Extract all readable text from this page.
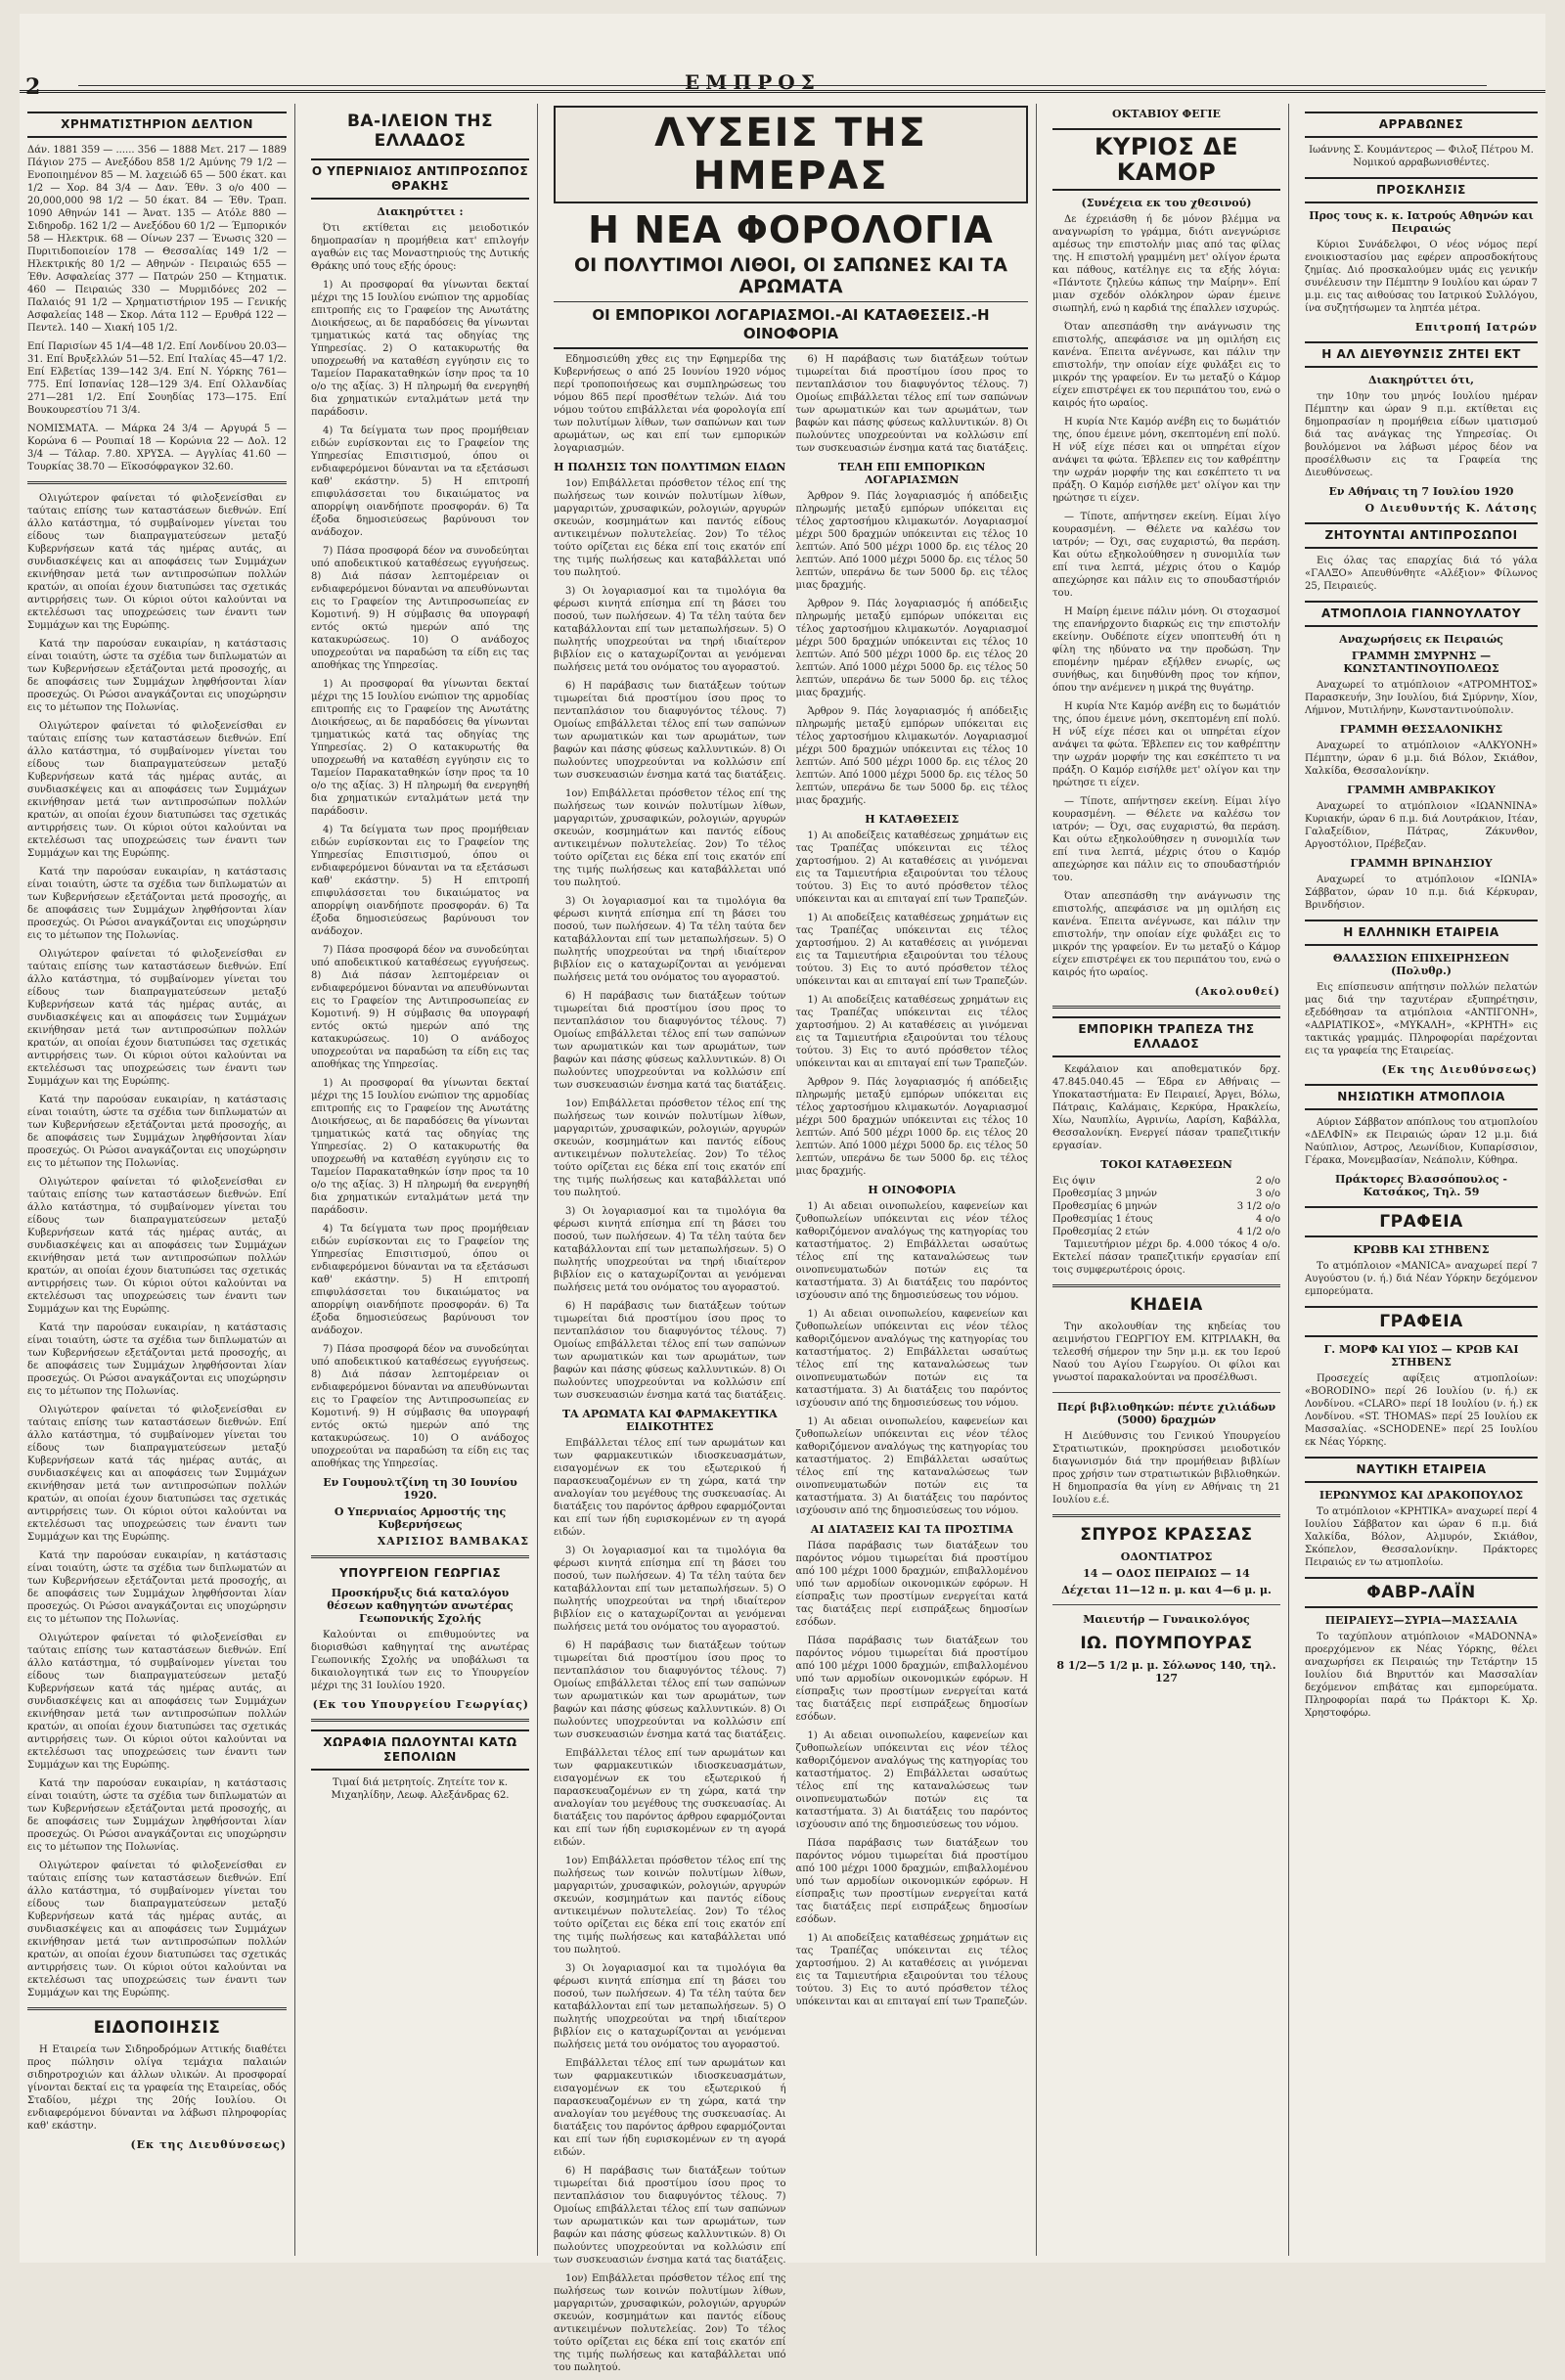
2	ΕΜΠΡΟΣ
ΧΡΗΜΑΤΙΣΤΗΡΙΟΝ ΔΕΛΤΙΟΝ

Δάν. 1881 359 — ...... 356 — 1888 Μετ. 217 — 1889 Πάγιον 275 — Ανεξόδου 858 1/2 Αμύνης 79 1/2 — Ενοποιημένον 85 — Μ. λαχειώδ 65 — 500 έκατ. και 1/2 — Χορ. 84 3/4 — Δαν. Έθν. 3 ο/ο 400 — 20,000,000 98 1/2 — 50 έκατ. 84 — Έθν. Τραπ. 1090 Αθηνών 141 — Άνατ. 135 — Ατόλε 880 — Σιδηροδρ. 162 1/2 — Ανεξόδου 60 1/2 — Έμπορικόν 58 — Ηλεκτρικ. 68 — Οίνων 237 — Ένωσις 320 — Πυριτιδοποιείον 178 — Θεσσαλίας 149 1/2 — Ηλεκτρικής 80 1/2 — Αθηνών - Πειραιώς 655 — Έθν. Ασφαλείας 377 — Πατρών 250 — Κτηματικ. 460 — Πειραιώς 330 — Μυρμιδόνες 202 — Παλαιός 91 1/2 — Χρηματιστήριον 195 — Γενικής Ασφαλείας 148 — Σκορ. Λάτα 112 — Ερυθρά 122 — Πεντελ. 140 — Χιακή 105 1/2.

Επί Παρισίων 45 1/4—48 1/2. Επί Λονδίνου 20.03—31. Επί Βρυξελλών 51—52. Επί Ιταλίας 45—47 1/2. Επί Ελβετίας 139—142 3/4. Επί Ν. Υόρκης 761—775. Επί Ισπανίας 128—129 3/4. Επί Ολλανδίας 271—281 1/2. Επί Σουηδίας 173—175. Επί Βουκουρεστίου 71 3/4.

ΝΟΜΙΣΜΑΤΑ. — Μάρκα 24 3/4 — Αργυρά 5 — Κορώνα 6 — Ρουπιαί 18 — Κορώνια 22 — Δολ. 12 3/4 — Τάλαρ. 7.80. ΧΡΥΣΑ. — Αγγλίας 41.60 — Τουρκίας 38.70 — Εϊκοσόφραγκον 32.60.

Ολιγώτερον φαίνεται τό φιλοξενείσθαι εν ταύταις επίσης των καταστάσεων διεθνών. Επί άλλο κατάστημα, τό συμβαίνομεν γίνεται του είδους των διαπραγματεύσεων μεταξύ Κυβερνήσεων κατά τάς ημέρας αυτάς, αι συνδιασκέψεις και αι αποφάσεις των Συμμάχων εκινήθησαν μετά των αντιπροσώπων πολλών κρατών, αι οποίαι έχουν διατυπώσει τας σχετικάς αντιρρήσεις των. Οι κύριοι ούτοι καλούνται να εκτελέσωσι τας υποχρεώσεις των έναντι των Συμμάχων και της Ευρώπης.

Κατά την παρούσαν ευκαιρίαν, η κατάστασις είναι τοιαύτη, ώστε τα σχέδια των διπλωματών αι των Κυβερνήσεων εξετάζονται μετά προσοχής, αι δε αποφάσεις των Συμμάχων ληφθήσονται λίαν προσεχώς. Οι Ρώσοι αναγκάζονται εις υποχώρησιν εις το μέτωπον της Πολωνίας.

Ολιγώτερον φαίνεται τό φιλοξενείσθαι εν ταύταις επίσης των καταστάσεων διεθνών. Επί άλλο κατάστημα, τό συμβαίνομεν γίνεται του είδους των διαπραγματεύσεων μεταξύ Κυβερνήσεων κατά τάς ημέρας αυτάς, αι συνδιασκέψεις και αι αποφάσεις των Συμμάχων εκινήθησαν μετά των αντιπροσώπων πολλών κρατών, αι οποίαι έχουν διατυπώσει τας σχετικάς αντιρρήσεις των. Οι κύριοι ούτοι καλούνται να εκτελέσωσι τας υποχρεώσεις των έναντι των Συμμάχων και της Ευρώπης.

Κατά την παρούσαν ευκαιρίαν, η κατάστασις είναι τοιαύτη, ώστε τα σχέδια των διπλωματών αι των Κυβερνήσεων εξετάζονται μετά προσοχής, αι δε αποφάσεις των Συμμάχων ληφθήσονται λίαν προσεχώς. Οι Ρώσοι αναγκάζονται εις υποχώρησιν εις το μέτωπον της Πολωνίας.

Ολιγώτερον φαίνεται τό φιλοξενείσθαι εν ταύταις επίσης των καταστάσεων διεθνών. Επί άλλο κατάστημα, τό συμβαίνομεν γίνεται του είδους των διαπραγματεύσεων μεταξύ Κυβερνήσεων κατά τάς ημέρας αυτάς, αι συνδιασκέψεις και αι αποφάσεις των Συμμάχων εκινήθησαν μετά των αντιπροσώπων πολλών κρατών, αι οποίαι έχουν διατυπώσει τας σχετικάς αντιρρήσεις των. Οι κύριοι ούτοι καλούνται να εκτελέσωσι τας υποχρεώσεις των έναντι των Συμμάχων και της Ευρώπης.

Κατά την παρούσαν ευκαιρίαν, η κατάστασις είναι τοιαύτη, ώστε τα σχέδια των διπλωματών αι των Κυβερνήσεων εξετάζονται μετά προσοχής, αι δε αποφάσεις των Συμμάχων ληφθήσονται λίαν προσεχώς. Οι Ρώσοι αναγκάζονται εις υποχώρησιν εις το μέτωπον της Πολωνίας.

Ολιγώτερον φαίνεται τό φιλοξενείσθαι εν ταύταις επίσης των καταστάσεων διεθνών. Επί άλλο κατάστημα, τό συμβαίνομεν γίνεται του είδους των διαπραγματεύσεων μεταξύ Κυβερνήσεων κατά τάς ημέρας αυτάς, αι συνδιασκέψεις και αι αποφάσεις των Συμμάχων εκινήθησαν μετά των αντιπροσώπων πολλών κρατών, αι οποίαι έχουν διατυπώσει τας σχετικάς αντιρρήσεις των. Οι κύριοι ούτοι καλούνται να εκτελέσωσι τας υποχρεώσεις των έναντι των Συμμάχων και της Ευρώπης.

Κατά την παρούσαν ευκαιρίαν, η κατάστασις είναι τοιαύτη, ώστε τα σχέδια των διπλωματών αι των Κυβερνήσεων εξετάζονται μετά προσοχής, αι δε αποφάσεις των Συμμάχων ληφθήσονται λίαν προσεχώς. Οι Ρώσοι αναγκάζονται εις υποχώρησιν εις το μέτωπον της Πολωνίας.

Ολιγώτερον φαίνεται τό φιλοξενείσθαι εν ταύταις επίσης των καταστάσεων διεθνών. Επί άλλο κατάστημα, τό συμβαίνομεν γίνεται του είδους των διαπραγματεύσεων μεταξύ Κυβερνήσεων κατά τάς ημέρας αυτάς, αι συνδιασκέψεις και αι αποφάσεις των Συμμάχων εκινήθησαν μετά των αντιπροσώπων πολλών κρατών, αι οποίαι έχουν διατυπώσει τας σχετικάς αντιρρήσεις των. Οι κύριοι ούτοι καλούνται να εκτελέσωσι τας υποχρεώσεις των έναντι των Συμμάχων και της Ευρώπης.

Κατά την παρούσαν ευκαιρίαν, η κατάστασις είναι τοιαύτη, ώστε τα σχέδια των διπλωματών αι των Κυβερνήσεων εξετάζονται μετά προσοχής, αι δε αποφάσεις των Συμμάχων ληφθήσονται λίαν προσεχώς. Οι Ρώσοι αναγκάζονται εις υποχώρησιν εις το μέτωπον της Πολωνίας.

Ολιγώτερον φαίνεται τό φιλοξενείσθαι εν ταύταις επίσης των καταστάσεων διεθνών. Επί άλλο κατάστημα, τό συμβαίνομεν γίνεται του είδους των διαπραγματεύσεων μεταξύ Κυβερνήσεων κατά τάς ημέρας αυτάς, αι συνδιασκέψεις και αι αποφάσεις των Συμμάχων εκινήθησαν μετά των αντιπροσώπων πολλών κρατών, αι οποίαι έχουν διατυπώσει τας σχετικάς αντιρρήσεις των. Οι κύριοι ούτοι καλούνται να εκτελέσωσι τας υποχρεώσεις των έναντι των Συμμάχων και της Ευρώπης.

Κατά την παρούσαν ευκαιρίαν, η κατάστασις είναι τοιαύτη, ώστε τα σχέδια των διπλωματών αι των Κυβερνήσεων εξετάζονται μετά προσοχής, αι δε αποφάσεις των Συμμάχων ληφθήσονται λίαν προσεχώς. Οι Ρώσοι αναγκάζονται εις υποχώρησιν εις το μέτωπον της Πολωνίας.

Ολιγώτερον φαίνεται τό φιλοξενείσθαι εν ταύταις επίσης των καταστάσεων διεθνών. Επί άλλο κατάστημα, τό συμβαίνομεν γίνεται του είδους των διαπραγματεύσεων μεταξύ Κυβερνήσεων κατά τάς ημέρας αυτάς, αι συνδιασκέψεις και αι αποφάσεις των Συμμάχων εκινήθησαν μετά των αντιπροσώπων πολλών κρατών, αι οποίαι έχουν διατυπώσει τας σχετικάς αντιρρήσεις των. Οι κύριοι ούτοι καλούνται να εκτελέσωσι τας υποχρεώσεις των έναντι των Συμμάχων και της Ευρώπης.

ΕΙΔΟΠΟΙΗΣΙΣ

Η Εταιρεία των Σιδηροδρόμων Αττικής διαθέτει προς πώλησιν ολίγα τεμάχια παλαιών σιδηροτροχιών και άλλων υλικών. Αι προσφοραί γίνονται δεκταί εις τα γραφεία της Εταιρείας, οδός Σταδίου, μέχρι της 20ής Ιουλίου. Οι ενδιαφερόμενοι δύνανται να λάβωσι πληροφορίας καθ' εκάστην.

(Εκ της Διευθύνσεως)
ΒΑ-ΙΛΕΙΟΝ ΤΗΣ ΕΛΛΑΔΟΣ
Ο ΥΠΕΡΝΙΑΙΟΣ ΑΝΤΙΠΡΟΣΩΠΟΣ ΘΡΑΚΗΣ
Διακηρύττει :

Ότι εκτίθεται εις μειοδοτικόν δημοπρασίαν η προμήθεια κατ' επιλογήν αγαθών εις τας Μοναστηριούς της Δυτικής Θράκης υπό τους εξής όρους:

1) Αι προσφοραί θα γίνωνται δεκταί μέχρι της 15 Ιουλίου ενώπιον της αρμοδίας επιτροπής εις το Γραφείον της Ανωτάτης Διοικήσεως, αι δε παραδόσεις θα γίνωνται τμηματικώς κατά τας οδηγίας της Υπηρεσίας. 2) Ο κατακυρωτής θα υποχρεωθή να καταθέση εγγύησιν εις το Ταμείον Παρακαταθηκών ίσην προς τα 10 ο/ο της αξίας. 3) Η πληρωμή θα ενεργηθή δια χρηματικών ενταλμάτων μετά την παράδοσιν.

4) Τα δείγματα των προς προμήθειαν ειδών ευρίσκονται εις το Γραφείον της Υπηρεσίας Επισιτισμού, όπου οι ενδιαφερόμενοι δύνανται να τα εξετάσωσι καθ' εκάστην. 5) Η επιτροπή επιφυλάσσεται του δικαιώματος να απορρίψη οιανδήποτε προσφοράν. 6) Τα έξοδα δημοσιεύσεως βαρύνουσι τον ανάδοχον.

7) Πάσα προσφορά δέον να συνοδεύηται υπό αποδεικτικού καταθέσεως εγγυήσεως. 8) Διά πάσαν λεπτομέρειαν οι ενδιαφερόμενοι δύνανται να απευθύνωνται εις το Γραφείον της Αντιπροσωπείας εν Κομοτινή. 9) Η σύμβασις θα υπογραφή εντός οκτώ ημερών από της κατακυρώσεως. 10) Ο ανάδοχος υποχρεούται να παραδώση τα είδη εις τας αποθήκας της Υπηρεσίας.

1) Αι προσφοραί θα γίνωνται δεκταί μέχρι της 15 Ιουλίου ενώπιον της αρμοδίας επιτροπής εις το Γραφείον της Ανωτάτης Διοικήσεως, αι δε παραδόσεις θα γίνωνται τμηματικώς κατά τας οδηγίας της Υπηρεσίας. 2) Ο κατακυρωτής θα υποχρεωθή να καταθέση εγγύησιν εις το Ταμείον Παρακαταθηκών ίσην προς τα 10 ο/ο της αξίας. 3) Η πληρωμή θα ενεργηθή δια χρηματικών ενταλμάτων μετά την παράδοσιν.

4) Τα δείγματα των προς προμήθειαν ειδών ευρίσκονται εις το Γραφείον της Υπηρεσίας Επισιτισμού, όπου οι ενδιαφερόμενοι δύνανται να τα εξετάσωσι καθ' εκάστην. 5) Η επιτροπή επιφυλάσσεται του δικαιώματος να απορρίψη οιανδήποτε προσφοράν. 6) Τα έξοδα δημοσιεύσεως βαρύνουσι τον ανάδοχον.

7) Πάσα προσφορά δέον να συνοδεύηται υπό αποδεικτικού καταθέσεως εγγυήσεως. 8) Διά πάσαν λεπτομέρειαν οι ενδιαφερόμενοι δύνανται να απευθύνωνται εις το Γραφείον της Αντιπροσωπείας εν Κομοτινή. 9) Η σύμβασις θα υπογραφή εντός οκτώ ημερών από της κατακυρώσεως. 10) Ο ανάδοχος υποχρεούται να παραδώση τα είδη εις τας αποθήκας της Υπηρεσίας.

1) Αι προσφοραί θα γίνωνται δεκταί μέχρι της 15 Ιουλίου ενώπιον της αρμοδίας επιτροπής εις το Γραφείον της Ανωτάτης Διοικήσεως, αι δε παραδόσεις θα γίνωνται τμηματικώς κατά τας οδηγίας της Υπηρεσίας. 2) Ο κατακυρωτής θα υποχρεωθή να καταθέση εγγύησιν εις το Ταμείον Παρακαταθηκών ίσην προς τα 10 ο/ο της αξίας. 3) Η πληρωμή θα ενεργηθή δια χρηματικών ενταλμάτων μετά την παράδοσιν.

4) Τα δείγματα των προς προμήθειαν ειδών ευρίσκονται εις το Γραφείον της Υπηρεσίας Επισιτισμού, όπου οι ενδιαφερόμενοι δύνανται να τα εξετάσωσι καθ' εκάστην. 5) Η επιτροπή επιφυλάσσεται του δικαιώματος να απορρίψη οιανδήποτε προσφοράν. 6) Τα έξοδα δημοσιεύσεως βαρύνουσι τον ανάδοχον.

7) Πάσα προσφορά δέον να συνοδεύηται υπό αποδεικτικού καταθέσεως εγγυήσεως. 8) Διά πάσαν λεπτομέρειαν οι ενδιαφερόμενοι δύνανται να απευθύνωνται εις το Γραφείον της Αντιπροσωπείας εν Κομοτινή. 9) Η σύμβασις θα υπογραφή εντός οκτώ ημερών από της κατακυρώσεως. 10) Ο ανάδοχος υποχρεούται να παραδώση τα είδη εις τας αποθήκας της Υπηρεσίας.

Εν Γουμουλτζίνη τη 30 Ιουνίου 1920.
Ο Υπερνιαίος Αρμοστής της Κυβερνήσεως
ΧΑΡΙΣΙΟΣ ΒΑΜΒΑΚΑΣ
ΥΠΟΥΡΓΕΙΟΝ ΓΕΩΡΓΙΑΣ
Προσκήρυξις διά καταλόγου θέσεων καθηγητών ανωτέρας Γεωπονικής Σχολής

Καλούνται οι επιθυμούντες να διορισθώσι καθηγηταί της ανωτέρας Γεωπονικής Σχολής να υποβάλωσι τα δικαιολογητικά των εις το Υπουργείον μέχρι της 31 Ιουλίου 1920.

(Εκ του Υπουργείου Γεωργίας)
ΧΩΡΑΦΙΑ ΠΩΛΟΥΝΤΑΙ ΚΑΤΩ ΣΕΠΟΛΙΩΝ

Τιμαί διά μετρητοίς. Ζητείτε τον κ. Μιχαηλίδην, Λεωφ. Αλεξάνδρας 62.

ΛΥΣΕΙΣ ΤΗΣ ΗΜΕΡΑΣ
Η ΝΕΑ ΦΟΡΟΛΟΓΙΑ
ΟΙ ΠΟΛΥΤΙΜΟΙ ΛΙΘΟΙ, ΟΙ ΣΑΠΩΝΕΣ ΚΑΙ ΤΑ ΑΡΩΜΑΤΑ
ΟΙ ΕΜΠΟΡΙΚΟΙ ΛΟΓΑΡΙΑΣΜΟΙ.-ΑΙ ΚΑΤΑΘΕΣΕΙΣ.-Η ΟΙΝΟΦΟΡΙΑ

Εδημοσιεύθη χθες εις την Εφημερίδα της Κυβερνήσεως ο από 25 Ιουνίου 1920 νόμος περί τροποποιήσεως και συμπληρώσεως του νόμου 865 περί προσθέτων τελών. Διά του νόμου τούτου επιβάλλεται νέα φορολογία επί των πολυτίμων λίθων, των σαπώνων και των αρωμάτων, ως και επί των εμπορικών λογαριασμών.

Η ΠΩΛΗΣΙΣ ΤΩΝ ΠΟΛΥΤΙΜΩΝ ΕΙΔΩΝ

1ον) Επιβάλλεται πρόσθετον τέλος επί της πωλήσεως των κοινών πολυτίμων λίθων, μαργαριτών, χρυσαφικών, ρολογιών, αργυρών σκευών, κοσμημάτων και παντός είδους αντικειμένων πολυτελείας. 2ον) Το τέλος τούτο ορίζεται εις δέκα επί τοις εκατόν επί της τιμής πωλήσεως και καταβάλλεται υπό του πωλητού.

3) Οι λογαριασμοί και τα τιμολόγια θα φέρωσι κινητά επίσημα επί τη βάσει του ποσού, των πωλήσεων. 4) Τα τέλη ταύτα δεν καταβάλλονται επί των μεταπωλήσεων. 5) Ο πωλητής υποχρεούται να τηρή ιδιαίτερον βιβλίον εις ο καταχωρίζονται αι γενόμεναι πωλήσεις μετά του ονόματος του αγοραστού.

6) Η παράβασις των διατάξεων τούτων τιμωρείται διά προστίμου ίσου προς το πενταπλάσιον του διαφυγόντος τέλους. 7) Ομοίως επιβάλλεται τέλος επί των σαπώνων των αρωματικών και των αρωμάτων, των βαφών και πάσης φύσεως καλλυντικών. 8) Οι πωλούντες υποχρεούνται να κολλώσιν επί των συσκευασιών ένσημα κατά τας διατάξεις.

1ον) Επιβάλλεται πρόσθετον τέλος επί της πωλήσεως των κοινών πολυτίμων λίθων, μαργαριτών, χρυσαφικών, ρολογιών, αργυρών σκευών, κοσμημάτων και παντός είδους αντικειμένων πολυτελείας. 2ον) Το τέλος τούτο ορίζεται εις δέκα επί τοις εκατόν επί της τιμής πωλήσεως και καταβάλλεται υπό του πωλητού.

3) Οι λογαριασμοί και τα τιμολόγια θα φέρωσι κινητά επίσημα επί τη βάσει του ποσού, των πωλήσεων. 4) Τα τέλη ταύτα δεν καταβάλλονται επί των μεταπωλήσεων. 5) Ο πωλητής υποχρεούται να τηρή ιδιαίτερον βιβλίον εις ο καταχωρίζονται αι γενόμεναι πωλήσεις μετά του ονόματος του αγοραστού.

6) Η παράβασις των διατάξεων τούτων τιμωρείται διά προστίμου ίσου προς το πενταπλάσιον του διαφυγόντος τέλους. 7) Ομοίως επιβάλλεται τέλος επί των σαπώνων των αρωματικών και των αρωμάτων, των βαφών και πάσης φύσεως καλλυντικών. 8) Οι πωλούντες υποχρεούνται να κολλώσιν επί των συσκευασιών ένσημα κατά τας διατάξεις.

1ον) Επιβάλλεται πρόσθετον τέλος επί της πωλήσεως των κοινών πολυτίμων λίθων, μαργαριτών, χρυσαφικών, ρολογιών, αργυρών σκευών, κοσμημάτων και παντός είδους αντικειμένων πολυτελείας. 2ον) Το τέλος τούτο ορίζεται εις δέκα επί τοις εκατόν επί της τιμής πωλήσεως και καταβάλλεται υπό του πωλητού.

3) Οι λογαριασμοί και τα τιμολόγια θα φέρωσι κινητά επίσημα επί τη βάσει του ποσού, των πωλήσεων. 4) Τα τέλη ταύτα δεν καταβάλλονται επί των μεταπωλήσεων. 5) Ο πωλητής υποχρεούται να τηρή ιδιαίτερον βιβλίον εις ο καταχωρίζονται αι γενόμεναι πωλήσεις μετά του ονόματος του αγοραστού.

6) Η παράβασις των διατάξεων τούτων τιμωρείται διά προστίμου ίσου προς το πενταπλάσιον του διαφυγόντος τέλους. 7) Ομοίως επιβάλλεται τέλος επί των σαπώνων των αρωματικών και των αρωμάτων, των βαφών και πάσης φύσεως καλλυντικών. 8) Οι πωλούντες υποχρεούνται να κολλώσιν επί των συσκευασιών ένσημα κατά τας διατάξεις.

ΤΑ ΑΡΩΜΑΤΑ ΚΑΙ ΦΑΡΜΑΚΕΥΤΙΚΑ ΕΙΔΙΚΟΤΗΤΕΣ

Επιβάλλεται τέλος επί των αρωμάτων και των φαρμακευτικών ιδιοσκευασμάτων, εισαγομένων εκ του εξωτερικού ή παρασκευαζομένων εν τη χώρα, κατά την αναλογίαν του μεγέθους της συσκευασίας. Αι διατάξεις του παρόντος άρθρου εφαρμόζονται και επί των ήδη ευρισκομένων εν τη αγορά ειδών.

3) Οι λογαριασμοί και τα τιμολόγια θα φέρωσι κινητά επίσημα επί τη βάσει του ποσού, των πωλήσεων. 4) Τα τέλη ταύτα δεν καταβάλλονται επί των μεταπωλήσεων. 5) Ο πωλητής υποχρεούται να τηρή ιδιαίτερον βιβλίον εις ο καταχωρίζονται αι γενόμεναι πωλήσεις μετά του ονόματος του αγοραστού.

6) Η παράβασις των διατάξεων τούτων τιμωρείται διά προστίμου ίσου προς το πενταπλάσιον του διαφυγόντος τέλους. 7) Ομοίως επιβάλλεται τέλος επί των σαπώνων των αρωματικών και των αρωμάτων, των βαφών και πάσης φύσεως καλλυντικών. 8) Οι πωλούντες υποχρεούνται να κολλώσιν επί των συσκευασιών ένσημα κατά τας διατάξεις.

Επιβάλλεται τέλος επί των αρωμάτων και των φαρμακευτικών ιδιοσκευασμάτων, εισαγομένων εκ του εξωτερικού ή παρασκευαζομένων εν τη χώρα, κατά την αναλογίαν του μεγέθους της συσκευασίας. Αι διατάξεις του παρόντος άρθρου εφαρμόζονται και επί των ήδη ευρισκομένων εν τη αγορά ειδών.

1ον) Επιβάλλεται πρόσθετον τέλος επί της πωλήσεως των κοινών πολυτίμων λίθων, μαργαριτών, χρυσαφικών, ρολογιών, αργυρών σκευών, κοσμημάτων και παντός είδους αντικειμένων πολυτελείας. 2ον) Το τέλος τούτο ορίζεται εις δέκα επί τοις εκατόν επί της τιμής πωλήσεως και καταβάλλεται υπό του πωλητού.

3) Οι λογαριασμοί και τα τιμολόγια θα φέρωσι κινητά επίσημα επί τη βάσει του ποσού, των πωλήσεων. 4) Τα τέλη ταύτα δεν καταβάλλονται επί των μεταπωλήσεων. 5) Ο πωλητής υποχρεούται να τηρή ιδιαίτερον βιβλίον εις ο καταχωρίζονται αι γενόμεναι πωλήσεις μετά του ονόματος του αγοραστού.

Επιβάλλεται τέλος επί των αρωμάτων και των φαρμακευτικών ιδιοσκευασμάτων, εισαγομένων εκ του εξωτερικού ή παρασκευαζομένων εν τη χώρα, κατά την αναλογίαν του μεγέθους της συσκευασίας. Αι διατάξεις του παρόντος άρθρου εφαρμόζονται και επί των ήδη ευρισκομένων εν τη αγορά ειδών.

6) Η παράβασις των διατάξεων τούτων τιμωρείται διά προστίμου ίσου προς το πενταπλάσιον του διαφυγόντος τέλους. 7) Ομοίως επιβάλλεται τέλος επί των σαπώνων των αρωματικών και των αρωμάτων, των βαφών και πάσης φύσεως καλλυντικών. 8) Οι πωλούντες υποχρεούνται να κολλώσιν επί των συσκευασιών ένσημα κατά τας διατάξεις.

1ον) Επιβάλλεται πρόσθετον τέλος επί της πωλήσεως των κοινών πολυτίμων λίθων, μαργαριτών, χρυσαφικών, ρολογιών, αργυρών σκευών, κοσμημάτων και παντός είδους αντικειμένων πολυτελείας. 2ον) Το τέλος τούτο ορίζεται εις δέκα επί τοις εκατόν επί της τιμής πωλήσεως και καταβάλλεται υπό του πωλητού.

6) Η παράβασις των διατάξεων τούτων τιμωρείται διά προστίμου ίσου προς το πενταπλάσιον του διαφυγόντος τέλους. 7) Ομοίως επιβάλλεται τέλος επί των σαπώνων των αρωματικών και των αρωμάτων, των βαφών και πάσης φύσεως καλλυντικών. 8) Οι πωλούντες υποχρεούνται να κολλώσιν επί των συσκευασιών ένσημα κατά τας διατάξεις.

ΤΕΛΗ ΕΠΙ ΕΜΠΟΡΙΚΩΝ ΛΟΓΑΡΙΑΣΜΩΝ

Άρθρον 9. Πάς λογαριασμός ή απόδειξις πληρωμής μεταξύ εμπόρων υπόκειται εις τέλος χαρτοσήμου κλιμακωτόν. Λογαριασμοί μέχρι 500 δραχμών υπόκεινται εις τέλος 10 λεπτών. Από 500 μέχρι 1000 δρ. εις τέλος 20 λεπτών. Από 1000 μέχρι 5000 δρ. εις τέλος 50 λεπτών, υπεράνω δε των 5000 δρ. εις τέλος μιας δραχμής.

Άρθρον 9. Πάς λογαριασμός ή απόδειξις πληρωμής μεταξύ εμπόρων υπόκειται εις τέλος χαρτοσήμου κλιμακωτόν. Λογαριασμοί μέχρι 500 δραχμών υπόκεινται εις τέλος 10 λεπτών. Από 500 μέχρι 1000 δρ. εις τέλος 20 λεπτών. Από 1000 μέχρι 5000 δρ. εις τέλος 50 λεπτών, υπεράνω δε των 5000 δρ. εις τέλος μιας δραχμής.

Άρθρον 9. Πάς λογαριασμός ή απόδειξις πληρωμής μεταξύ εμπόρων υπόκειται εις τέλος χαρτοσήμου κλιμακωτόν. Λογαριασμοί μέχρι 500 δραχμών υπόκεινται εις τέλος 10 λεπτών. Από 500 μέχρι 1000 δρ. εις τέλος 20 λεπτών. Από 1000 μέχρι 5000 δρ. εις τέλος 50 λεπτών, υπεράνω δε των 5000 δρ. εις τέλος μιας δραχμής.

Η ΚΑΤΑΘΕΣΕΙΣ

1) Αι αποδείξεις καταθέσεως χρημάτων εις τας Τραπέζας υπόκεινται εις τέλος χαρτοσήμου. 2) Αι καταθέσεις αι γινόμεναι εις τα Ταμιευτήρια εξαιρούνται του τέλους τούτου. 3) Εις το αυτό πρόσθετον τέλος υπόκεινται και αι επιταγαί επί των Τραπεζών.

1) Αι αποδείξεις καταθέσεως χρημάτων εις τας Τραπέζας υπόκεινται εις τέλος χαρτοσήμου. 2) Αι καταθέσεις αι γινόμεναι εις τα Ταμιευτήρια εξαιρούνται του τέλους τούτου. 3) Εις το αυτό πρόσθετον τέλος υπόκεινται και αι επιταγαί επί των Τραπεζών.

1) Αι αποδείξεις καταθέσεως χρημάτων εις τας Τραπέζας υπόκεινται εις τέλος χαρτοσήμου. 2) Αι καταθέσεις αι γινόμεναι εις τα Ταμιευτήρια εξαιρούνται του τέλους τούτου. 3) Εις το αυτό πρόσθετον τέλος υπόκεινται και αι επιταγαί επί των Τραπεζών.

Άρθρον 9. Πάς λογαριασμός ή απόδειξις πληρωμής μεταξύ εμπόρων υπόκειται εις τέλος χαρτοσήμου κλιμακωτόν. Λογαριασμοί μέχρι 500 δραχμών υπόκεινται εις τέλος 10 λεπτών. Από 500 μέχρι 1000 δρ. εις τέλος 20 λεπτών. Από 1000 μέχρι 5000 δρ. εις τέλος 50 λεπτών, υπεράνω δε των 5000 δρ. εις τέλος μιας δραχμής.

Η ΟΙΝΟΦΟΡΙΑ

1) Αι αδειαι οινοπωλείου, καφενείων και ζυθοπωλείων υπόκεινται εις νέον τέλος καθοριζόμενον αναλόγως της κατηγορίας του καταστήματος. 2) Επιβάλλεται ωσαύτως τέλος επί της καταναλώσεως των οινοπνευματωδών ποτών εις τα καταστήματα. 3) Αι διατάξεις του παρόντος ισχύουσιν από της δημοσιεύσεως του νόμου.

1) Αι αδειαι οινοπωλείου, καφενείων και ζυθοπωλείων υπόκεινται εις νέον τέλος καθοριζόμενον αναλόγως της κατηγορίας του καταστήματος. 2) Επιβάλλεται ωσαύτως τέλος επί της καταναλώσεως των οινοπνευματωδών ποτών εις τα καταστήματα. 3) Αι διατάξεις του παρόντος ισχύουσιν από της δημοσιεύσεως του νόμου.

1) Αι αδειαι οινοπωλείου, καφενείων και ζυθοπωλείων υπόκεινται εις νέον τέλος καθοριζόμενον αναλόγως της κατηγορίας του καταστήματος. 2) Επιβάλλεται ωσαύτως τέλος επί της καταναλώσεως των οινοπνευματωδών ποτών εις τα καταστήματα. 3) Αι διατάξεις του παρόντος ισχύουσιν από της δημοσιεύσεως του νόμου.

ΑΙ ΔΙΑΤΑΞΕΙΣ ΚΑΙ ΤΑ ΠΡΟΣΤΙΜΑ

Πάσα παράβασις των διατάξεων του παρόντος νόμου τιμωρείται διά προστίμου από 100 μέχρι 1000 δραχμών, επιβαλλομένου υπό των αρμοδίων οικονομικών εφόρων. Η είσπραξις των προστίμων ενεργείται κατά τας διατάξεις περί εισπράξεως δημοσίων εσόδων.

Πάσα παράβασις των διατάξεων του παρόντος νόμου τιμωρείται διά προστίμου από 100 μέχρι 1000 δραχμών, επιβαλλομένου υπό των αρμοδίων οικονομικών εφόρων. Η είσπραξις των προστίμων ενεργείται κατά τας διατάξεις περί εισπράξεως δημοσίων εσόδων.

1) Αι αδειαι οινοπωλείου, καφενείων και ζυθοπωλείων υπόκεινται εις νέον τέλος καθοριζόμενον αναλόγως της κατηγορίας του καταστήματος. 2) Επιβάλλεται ωσαύτως τέλος επί της καταναλώσεως των οινοπνευματωδών ποτών εις τα καταστήματα. 3) Αι διατάξεις του παρόντος ισχύουσιν από της δημοσιεύσεως του νόμου.

Πάσα παράβασις των διατάξεων του παρόντος νόμου τιμωρείται διά προστίμου από 100 μέχρι 1000 δραχμών, επιβαλλομένου υπό των αρμοδίων οικονομικών εφόρων. Η είσπραξις των προστίμων ενεργείται κατά τας διατάξεις περί εισπράξεως δημοσίων εσόδων.

1) Αι αποδείξεις καταθέσεως χρημάτων εις τας Τραπέζας υπόκεινται εις τέλος χαρτοσήμου. 2) Αι καταθέσεις αι γινόμεναι εις τα Ταμιευτήρια εξαιρούνται του τέλους τούτου. 3) Εις το αυτό πρόσθετον τέλος υπόκεινται και αι επιταγαί επί των Τραπεζών.

ΟΚΤΑΒΙΟΥ ΦΕΓΙΕ
ΚΥΡΙΟΣ ΔΕ ΚΑΜΟΡ
(Συνέχεια εκ του χθεσινού)

Δε έχρειάσθη ή δε μόνον βλέμμα να αναγνωρίση το γράμμα, διότι ανεγνώρισε αμέσως την επιστολήν μιας από τας φίλας της. Η επιστολή γραμμένη μετ' ολίγον έρωτα και πάθους, κατέληγε εις τα εξής λόγια: «Πάντοτε ζηλεύω κάπως την Μαίρην». Επί μιαν σχεδόν ολόκληρον ώραν έμεινε σιωπηλή, ενώ η καρδιά της έπαλλεν ισχυρώς.

Όταν απεσπάσθη την ανάγνωσιν της επιστολής, απεφάσισε να μη ομιλήση εις κανένα. Έπειτα ανέγνωσε, και πάλιν την επιστολήν, την οποίαν είχε φυλάξει εις το μικρόν της γραφείον. Εν τω μεταξύ ο Κάμορ είχεν επιστρέψει εκ του περιπάτου του, ενώ ο καιρός ήτο ωραίος.

Η κυρία Ντε Καμόρ ανέβη εις το δωμάτιόν της, όπου έμεινε μόνη, σκεπτομένη επί πολύ. Η νύξ είχε πέσει και οι υπηρέται είχον ανάψει τα φώτα. Έβλεπεν εις τον καθρέπτην την ωχράν μορφήν της και εσκέπτετο τι να πράξη. Ο Καμόρ εισήλθε μετ' ολίγον και την ηρώτησε τι είχεν.

— Τίποτε, απήντησεν εκείνη. Είμαι λίγο κουρασμένη. — Θέλετε να καλέσω τον ιατρόν; — Όχι, σας ευχαριστώ, θα περάση. Και ούτω εξηκολούθησεν η συνομιλία των επί τινα λεπτά, μέχρις ότου ο Καμόρ απεχώρησε και πάλιν εις το σπουδαστήριόν του.

Η Μαίρη έμεινε πάλιν μόνη. Οι στοχασμοί της επανήρχοντο διαρκώς εις την επιστολήν εκείνην. Ουδέποτε είχεν υποπτευθή ότι η φίλη της ηδύνατο να την προδώση. Την επομένην ημέραν εξήλθεν ενωρίς, ως συνήθως, και διηυθύνθη προς τον κήπον, όπου την ανέμενεν η μικρά της θυγάτηρ.

Η κυρία Ντε Καμόρ ανέβη εις το δωμάτιόν της, όπου έμεινε μόνη, σκεπτομένη επί πολύ. Η νύξ είχε πέσει και οι υπηρέται είχον ανάψει τα φώτα. Έβλεπεν εις τον καθρέπτην την ωχράν μορφήν της και εσκέπτετο τι να πράξη. Ο Καμόρ εισήλθε μετ' ολίγον και την ηρώτησε τι είχεν.

— Τίποτε, απήντησεν εκείνη. Είμαι λίγο κουρασμένη. — Θέλετε να καλέσω τον ιατρόν; — Όχι, σας ευχαριστώ, θα περάση. Και ούτω εξηκολούθησεν η συνομιλία των επί τινα λεπτά, μέχρις ότου ο Καμόρ απεχώρησε και πάλιν εις το σπουδαστήριόν του.

Όταν απεσπάσθη την ανάγνωσιν της επιστολής, απεφάσισε να μη ομιλήση εις κανένα. Έπειτα ανέγνωσε, και πάλιν την επιστολήν, την οποίαν είχε φυλάξει εις το μικρόν της γραφείον. Εν τω μεταξύ ο Κάμορ είχεν επιστρέψει εκ του περιπάτου του, ενώ ο καιρός ήτο ωραίος.

(Ακολουθεί)
ΕΜΠΟΡΙΚΗ ΤΡΑΠΕΖΑ ΤΗΣ ΕΛΛΑΔΟΣ

Κεφάλαιον και αποθεματικόν δρχ. 47.845.040.45 — Έδρα εν Αθήναις — Υποκαταστήματα: Εν Πειραιεί, Άργει, Βόλω, Πάτραις, Καλάμαις, Κερκύρα, Ηρακλείω, Χίω, Ναυπλίω, Αγρινίω, Λαρίση, Καβάλλα, Θεσσαλονίκη. Ενεργεί πάσαν τραπεζιτικήν εργασίαν.

ΤΟΚΟΙ ΚΑΤΑΘΕΣΕΩΝ
Εις όψιν	2 ο/ο
Προθεσμίας 3 μηνών	3 ο/ο
Προθεσμίας 6 μηνών	3 1/2 ο/ο
Προθεσμίας 1 έτους	4 ο/ο
Προθεσμίας 2 ετών	4 1/2 ο/ο

Ταμιευτήριον μέχρι δρ. 4.000 τόκος 4 ο/ο. Εκτελεί πάσαν τραπεζιτικήν εργασίαν επί τοις συμφερωτέροις όροις.

ΚΗΔΕΙΑ

Την ακολουθίαν της κηδείας του αειμνήστου ΓΕΩΡΓΙΟΥ ΕΜ. ΚΙΤΡΙΛΑΚΗ, θα τελεσθή σήμερον την 5ην μ.μ. εκ του Ιερού Ναού του Αγίου Γεωργίου. Οι φίλοι και γνωστοί παρακαλούνται να προσέλθωσι.

Περί βιβλιοθηκών: πέντε χιλιάδων (5000) δραχμών

Η Διεύθυνσις του Γενικού Υπουργείου Στρατιωτικών, προκηρύσσει μειοδοτικόν διαγωνισμόν διά την προμήθειαν βιβλίων προς χρήσιν των στρατιωτικών βιβλιοθηκών. Η δημοπρασία θα γίνη εν Αθήναις τη 21 Ιουλίου ε.έ.

ΣΠΥΡΟΣ ΚΡΑΣΣΑΣ
ΟΔΟΝΤΙΑΤΡΟΣ
14 — ΟΔΟΣ ΠΕΙΡΑΙΩΣ — 14
Δέχεται 11—12 π. μ. και 4—6 μ. μ.
Μαιευτήρ — Γυναικολόγος
ΙΩ. ΠΟΥΜΠΟΥΡΑΣ
8 1/2—5 1/2 μ. μ. Σόλωνος 140, τηλ. 127
ΑΡΡΑΒΩΝΕΣ

Ιωάννης Σ. Κουμάντερος — Φιλοξ Πέτρου Μ. Νομικού αρραβωνισθέντες.

ΠΡΟΣΚΛΗΣΙΣ
Προς τους κ. κ. Ιατρούς Αθηνών και Πειραιώς

Κύριοι Συνάδελφοι, Ο νέος νόμος περί ενοικιοστασίου μας εφέρεν απροσδοκήτους ζημίας. Διό προσκαλούμεν υμάς εις γενικήν συνέλευσιν την Πέμπτην 9 Ιουλίου και ώραν 7 μ.μ. εις τας αιθούσας του Ιατρικού Συλλόγου, ίνα συζητήσωμεν τα ληπτέα μέτρα.

Επιτροπή Ιατρών
Η ΑΛ ΔΙΕΥΘΥΝΣΙΣ ΖΗΤΕΙ ΕΚΤ
Διακηρύττει ότι,

την 10ην του μηνός Ιουλίου ημέραν Πέμπτην και ώραν 9 π.μ. εκτίθεται εις δημοπρασίαν η προμήθεια είδων ιματισμού διά τας ανάγκας της Υπηρεσίας. Οι βουλόμενοι να λάβωσι μέρος δέον να προσέλθωσιν εις τα Γραφεία της Διευθύνσεως.

Εν Αθήναις τη 7 Ιουλίου 1920
Ο Διευθυντής Κ. Λάτσης
ΖΗΤΟΥΝΤΑΙ ΑΝΤΙΠΡΟΣΩΠΟΙ

Εις όλας τας επαρχίας διά τό γάλα «ΓΑΛΞΟ» Απευθύνθητε «Αλέξιον» Φίλωνος 25, Πειραιεύς.

ΑΤΜΟΠΛΟΙΑ ΓΙΑΝΝΟΥΛΑΤΟΥ
Αναχωρήσεις εκ Πειραιώς
ΓΡΑΜΜΗ ΣΜΥΡΝΗΣ — ΚΩΝΣΤΑΝΤΙΝΟΥΠΟΛΕΩΣ

Αναχωρεί το ατμόπλοιον «ΑΤΡΟΜΗΤΟΣ» Παρασκευήν, 3ην Ιουλίου, διά Σμύρνην, Χίον, Λήμνον, Μυτιλήνην, Κωνσταντινούπολιν.

ΓΡΑΜΜΗ ΘΕΣΣΑΛΟΝΙΚΗΣ

Αναχωρεί το ατμόπλοιον «ΑΛΚΥΟΝΗ» Πέμπτην, ώραν 6 μ.μ. διά Βόλον, Σκιάθον, Χαλκίδα, Θεσσαλονίκην.

ΓΡΑΜΜΗ ΑΜΒΡΑΚΙΚΟΥ

Αναχωρεί το ατμόπλοιον «ΙΩΑΝΝΙΝΑ» Κυριακήν, ώραν 6 π.μ. διά Λουτράκιον, Ιτέαν, Γαλαξείδιον, Πάτρας, Ζάκυνθον, Αργοστόλιον, Πρέβεζαν.

ΓΡΑΜΜΗ ΒΡΙΝΔΗΣΙΟΥ

Αναχωρεί το ατμόπλοιον «ΙΩΝΙΑ» Σάββατον, ώραν 10 π.μ. διά Κέρκυραν, Βρινδήσιον.

Η ΕΛΛΗΝΙΚΗ ΕΤΑΙΡΕΙΑ
ΘΑΛΑΣΣΙΩΝ ΕΠΙΧΕΙΡΗΣΕΩΝ (Πολυθρ.)

Εις επίσπευσιν απήτησιν πολλών πελατών μας διά την ταχυτέραν εξυπηρέτησιν, εξεδόθησαν τα ατμόπλοια «ΑΝΤΙΓΟΝΗ», «ΑΔΡΙΑΤΙΚΟΣ», «ΜΥΚΑΛΗ», «ΚΡΗΤΗ» εις τακτικάς γραμμάς. Πληροφορίαι παρέχονται εις τα γραφεία της Εταιρείας.

(Εκ της Διευθύνσεως)
ΝΗΣΙΩΤΙΚΗ ΑΤΜΟΠΛΟΙΑ

Αύριον Σάββατον απόπλους του ατμοπλοίου «ΔΕΛΦΙΝ» εκ Πειραιώς ώραν 12 μ.μ. διά Ναύπλιον, Αστρος, Λεωνίδιον, Κυπαρίσσιον, Γέρακα, Μονεμβασίαν, Νεάπολιν, Κύθηρα.

Πράκτορες Βλασσόπουλος - Κατσάκος, Τηλ. 59
ΓΡΑΦΕΙΑ
ΚΡΩΒΒ ΚΑΙ ΣΤΗΒΕΝΣ

Το ατμόπλοιον «MANICA» αναχωρεί περί 7 Αυγούστου (ν. ή.) διά Νέαν Υόρκην δεχόμενον εμπορεύματα.

ΓΡΑΦΕΙΑ
Γ. ΜΟΡΦ ΚΑΙ ΥΙΟΣ — ΚΡΩΒ ΚΑΙ ΣΤΗΒΕΝΣ

Προσεχείς αφίξεις ατμοπλοίων: «BORODINO» περί 26 Ιουλίου (ν. ή.) εκ Λονδίνου. «CLARO» περί 18 Ιουλίου (ν. ή.) εκ Λονδίνου. «ST. THOMAS» περί 25 Ιουλίου εκ Μασσαλίας. «SCHODENE» περί 25 Ιουλίου εκ Νέας Υόρκης.

ΝΑΥΤΙΚΗ ΕΤΑΙΡΕΙΑ
ΙΕΡΩΝΥΜΟΣ ΚΑΙ ΔΡΑΚΟΠΟΥΛΟΣ

Το ατμόπλοιον «ΚΡΗΤΙΚΑ» αναχωρεί περί 4 Ιουλίου Σάββατον και ώραν 6 π.μ. διά Χαλκίδα, Βόλον, Αλμυρόν, Σκιάθον, Σκόπελον, Θεσσαλονίκην. Πράκτορες Πειραιώς εν τω ατμοπλοίω.

ΦΑΒΡ-ΛΑΪΝ
ΠΕΙΡΑΙΕΥΣ—ΣΥΡΙΑ—ΜΑΣΣΑΛΙΑ

Το ταχύπλουν ατμόπλοιον «MADONNA» προερχόμενον εκ Νέας Υόρκης, θέλει αναχωρήσει εκ Πειραιώς την Τετάρτην 15 Ιουλίου διά Βηρυττόν και Μασσαλίαν δεχόμενον επιβάτας και εμπορεύματα. Πληροφορίαι παρά τω Πράκτορι Κ. Χρ. Χρηστοφόρω.
